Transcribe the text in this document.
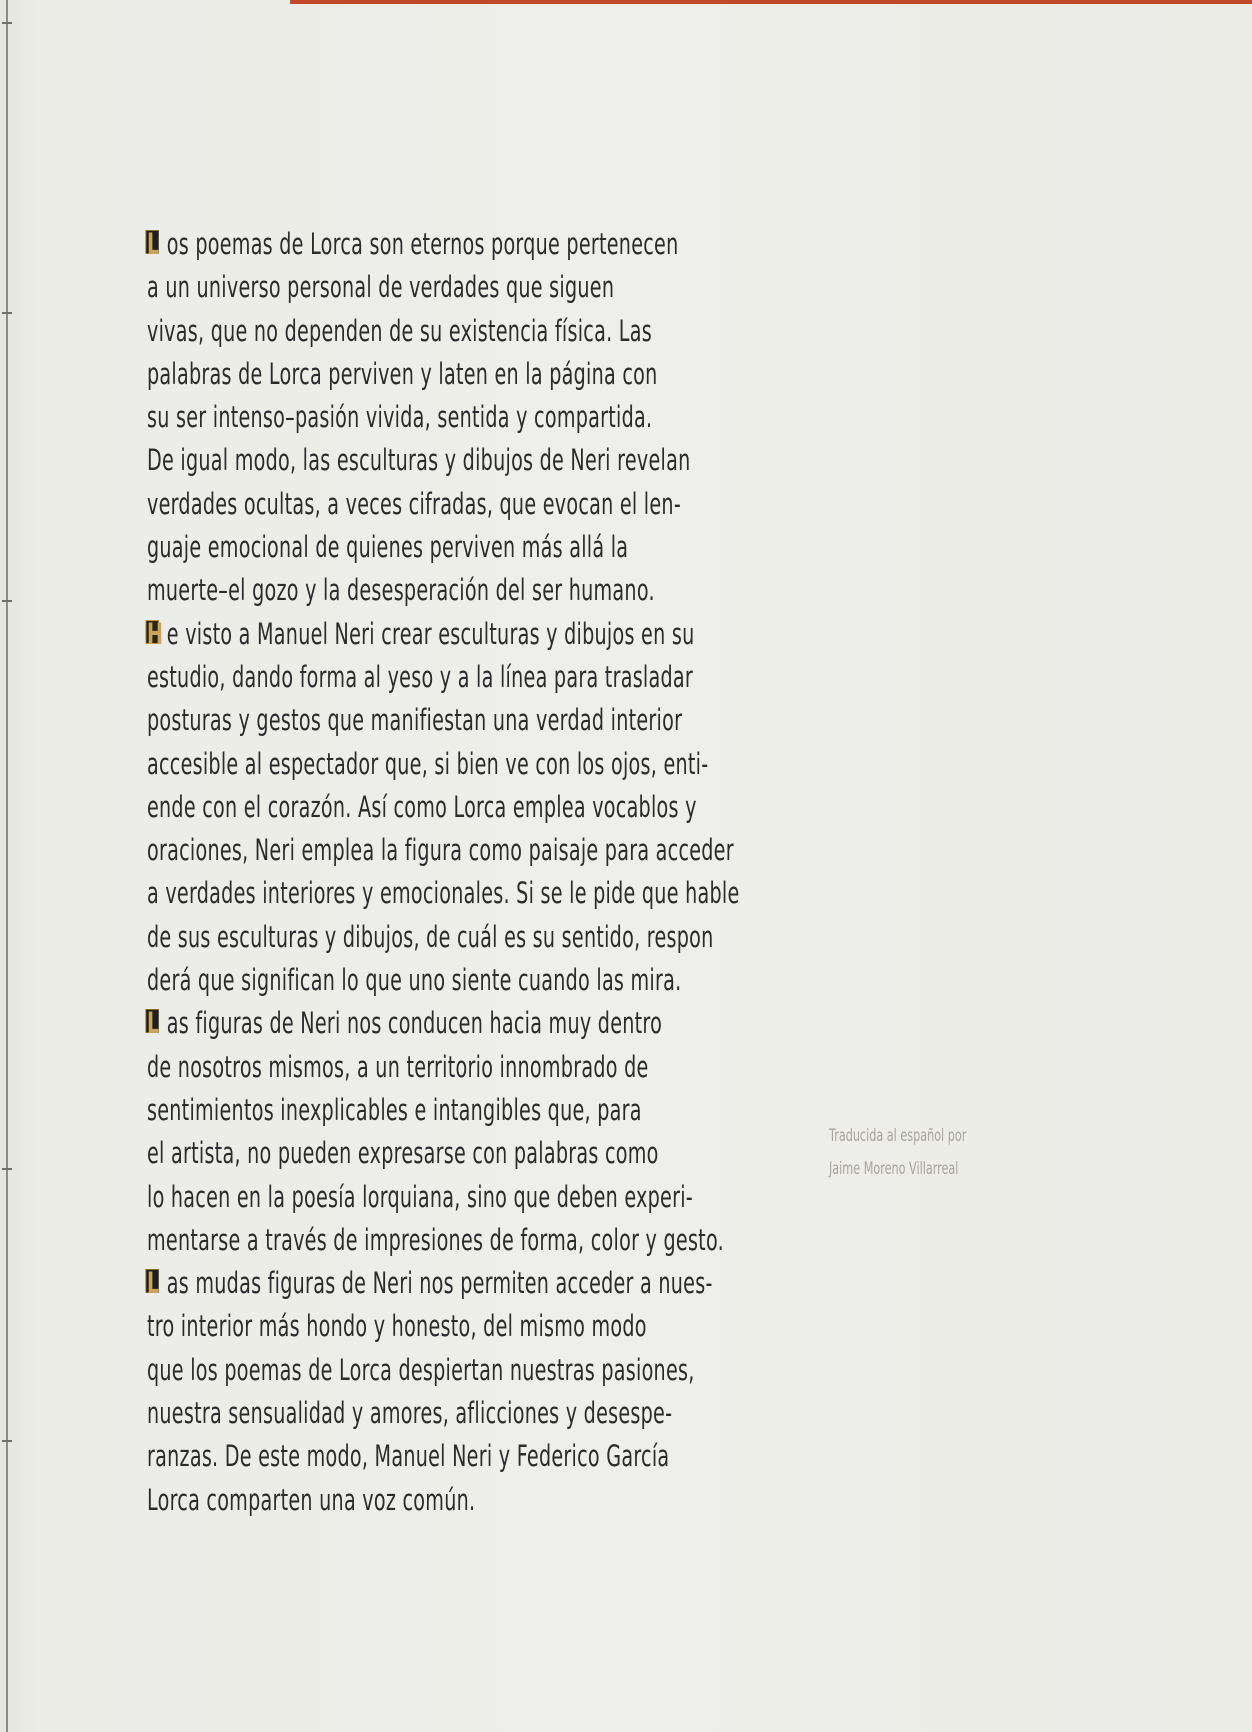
L os poemas de Lorca son eternos porque pertenecen
a un universo personal de verdades que siguen
vivas, que no dependen de su existencia física. Las
palabras de Lorca perviven y laten en la página con
su ser intenso–pasión vivida, sentida y compartida.
De igual modo, las esculturas y dibujos de Neri revelan
verdades ocultas, a veces cifradas, que evocan el len-
guaje emocional de quienes perviven más allá la
muerte–el gozo y la desesperación del ser humano.
H e visto a Manuel Neri crear esculturas y dibujos en su
estudio, dando forma al yeso y a la línea para trasladar
posturas y gestos que manifiestan una verdad interior
accesible al espectador que, si bien ve con los ojos, enti-
ende con el corazón. Así como Lorca emplea vocablos y
oraciones, Neri emplea la figura como paisaje para acceder
a verdades interiores y emocionales. Si se le pide que hable
de sus esculturas y dibujos, de cuál es su sentido, respon
derá que significan lo que uno siente cuando las mira.
L as figuras de Neri nos conducen hacia muy dentro
de nosotros mismos, a un territorio innombrado de
sentimientos inexplicables e intangibles que, para
el artista, no pueden expresarse con palabras como
lo hacen en la poesía lorquiana, sino que deben experi-
mentarse a través de impresiones de forma, color y gesto.
L as mudas figuras de Neri nos permiten acceder a nues-
tro interior más hondo y honesto, del mismo modo
que los poemas de Lorca despiertan nuestras pasiones,
nuestra sensualidad y amores, aflicciones y desespe-
ranzas. De este modo, Manuel Neri y Federico García
Lorca comparten una voz común.
Traducida al español por
Jaime Moreno Villarreal
